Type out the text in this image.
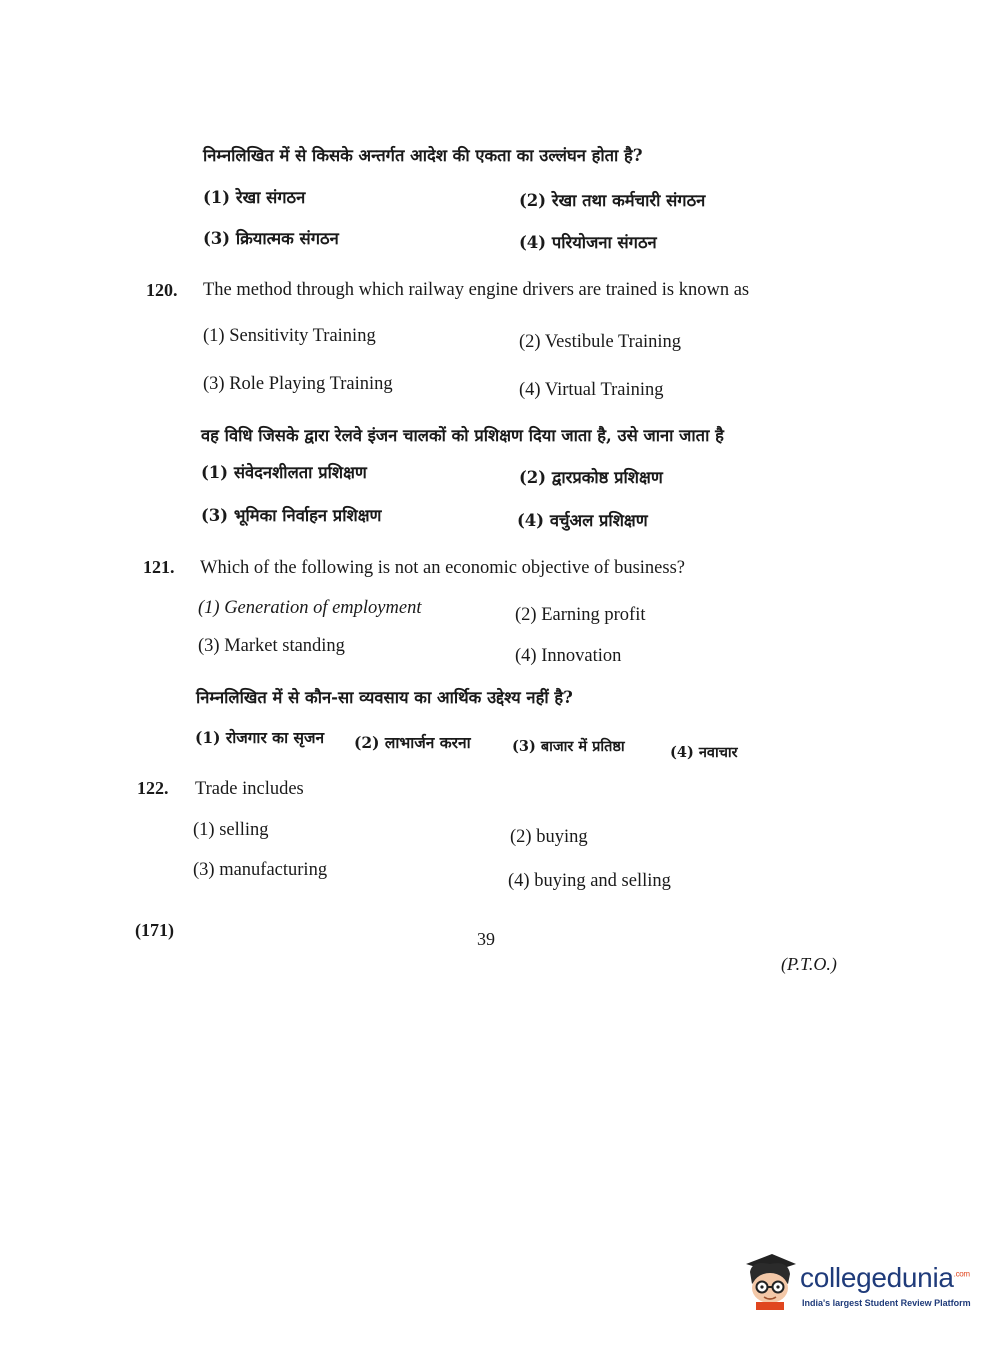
निम्नलिखित में से किसके अन्तर्गत आदेश की एकता का उल्लंघन होता है?
(1) रेखा संगठन	(2) रेखा तथा कर्मचारी संगठन
(3) क्रियात्मक संगठन	(4) परियोजना संगठन
120. The method through which railway engine drivers are trained is known as
(1) Sensitivity Training	(2) Vestibule Training
(3) Role Playing Training	(4) Virtual Training
वह विधि जिसके द्वारा रेलवे इंजन चालकों को प्रशिक्षण दिया जाता है, उसे जाना जाता है
(1) संवेदनशीलता प्रशिक्षण	(2) द्वारप्रकोष्ठ प्रशिक्षण
(3) भूमिका निर्वाहन प्रशिक्षण	(4) वर्चुअल प्रशिक्षण
121. Which of the following is not an economic objective of business?
(1) Generation of employment	(2) Earning profit
(3) Market standing	(4) Innovation
निम्नलिखित में से कौन-सा व्यवसाय का आर्थिक उद्देश्य नहीं है?
(1) रोजगार का सृजन (2) लाभार्जन करना	(3) बाजार में प्रतिष्ठा	(4) नवाचार
122. Trade includes
(1) selling	(2) buying
(3) manufacturing
(4) buying and selling
(171)	39
(P.T.O.)
collegedunia$^{.com}$
India's largest Student Review Platform
